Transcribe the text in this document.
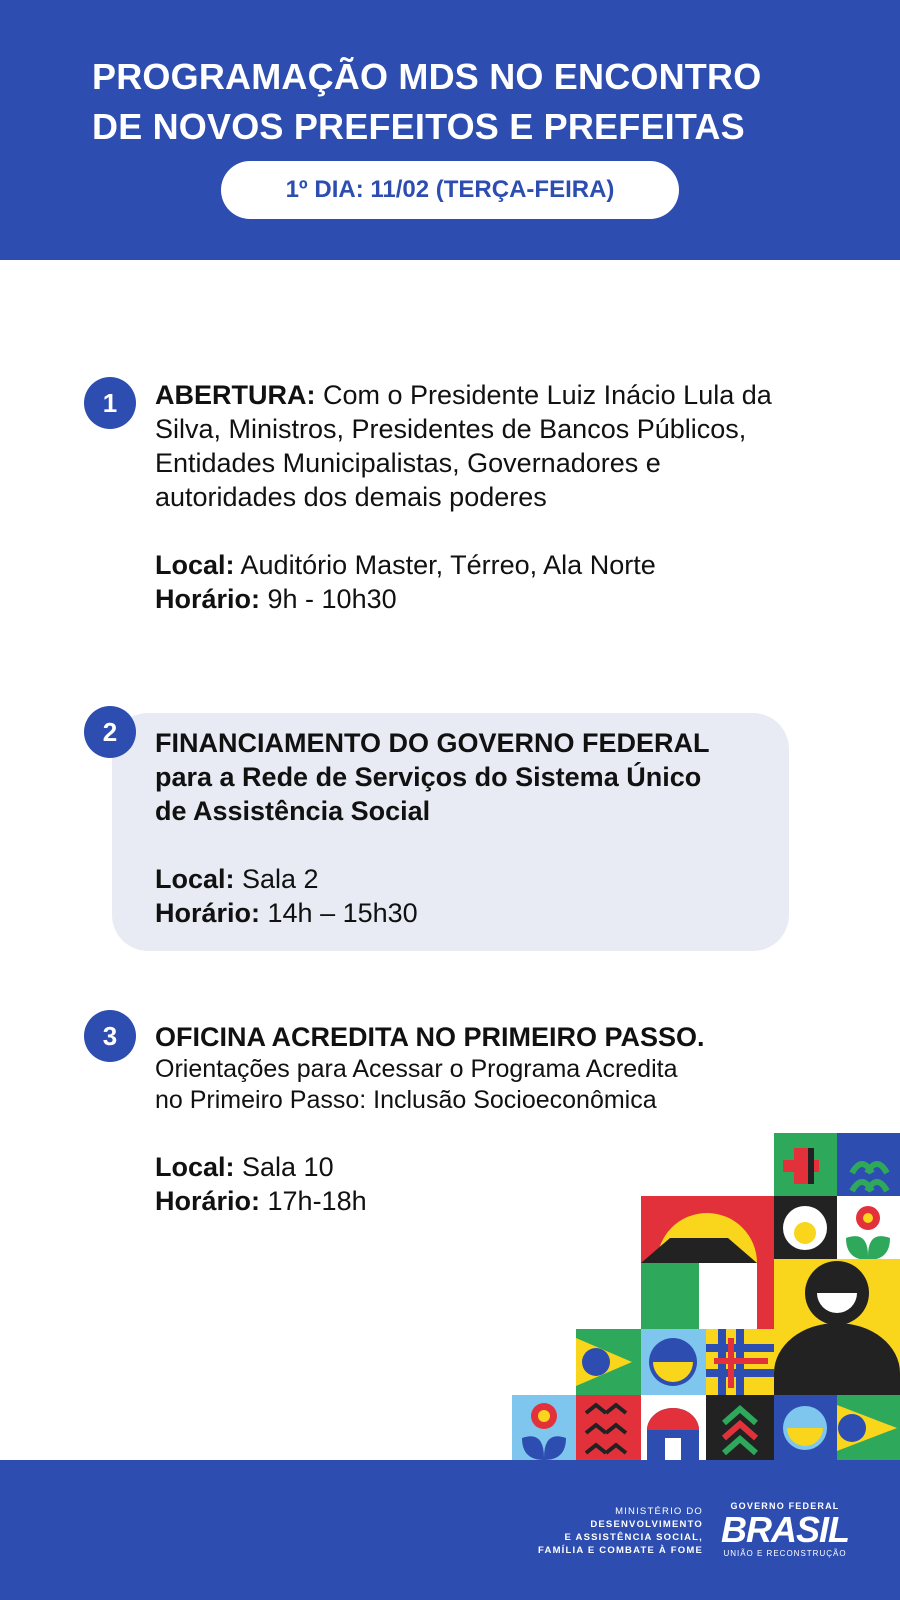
PROGRAMAÇÃO MDS NO ENCONTRO
DE NOVOS PREFEITOS E PREFEITAS
1º DIA: 11/02 (TERÇA-FEIRA)
1	ABERTURA: Com o Presidente Luiz Inácio Lula da Silva, Ministros, Presidentes de Bancos Públicos, Entidades Municipalistas, Governadores e autoridades dos demais poderes
Local: Auditório Master, Térreo, Ala Norte
Horário: 9h - 10h30
2	FINANCIAMENTO DO GOVERNO FEDERAL
para a Rede de Serviços do Sistema Único
de Assistência Social
Local: Sala 2
Horário: 14h – 15h30
3	OFICINA ACREDITA NO PRIMEIRO PASSO.
Orientações para Acessar o Programa Acredita
no Primeiro Passo: Inclusão Socioeconômica
Local: Sala 10
Horário: 17h-18h
MINISTÉRIO DO
DESENVOLVIMENTO
E ASSISTÊNCIA SOCIAL,
FAMÍLIA E COMBATE À FOME
GOVERNO FEDERAL
BRASIL
UNIÃO E RECONSTRUÇÃO
